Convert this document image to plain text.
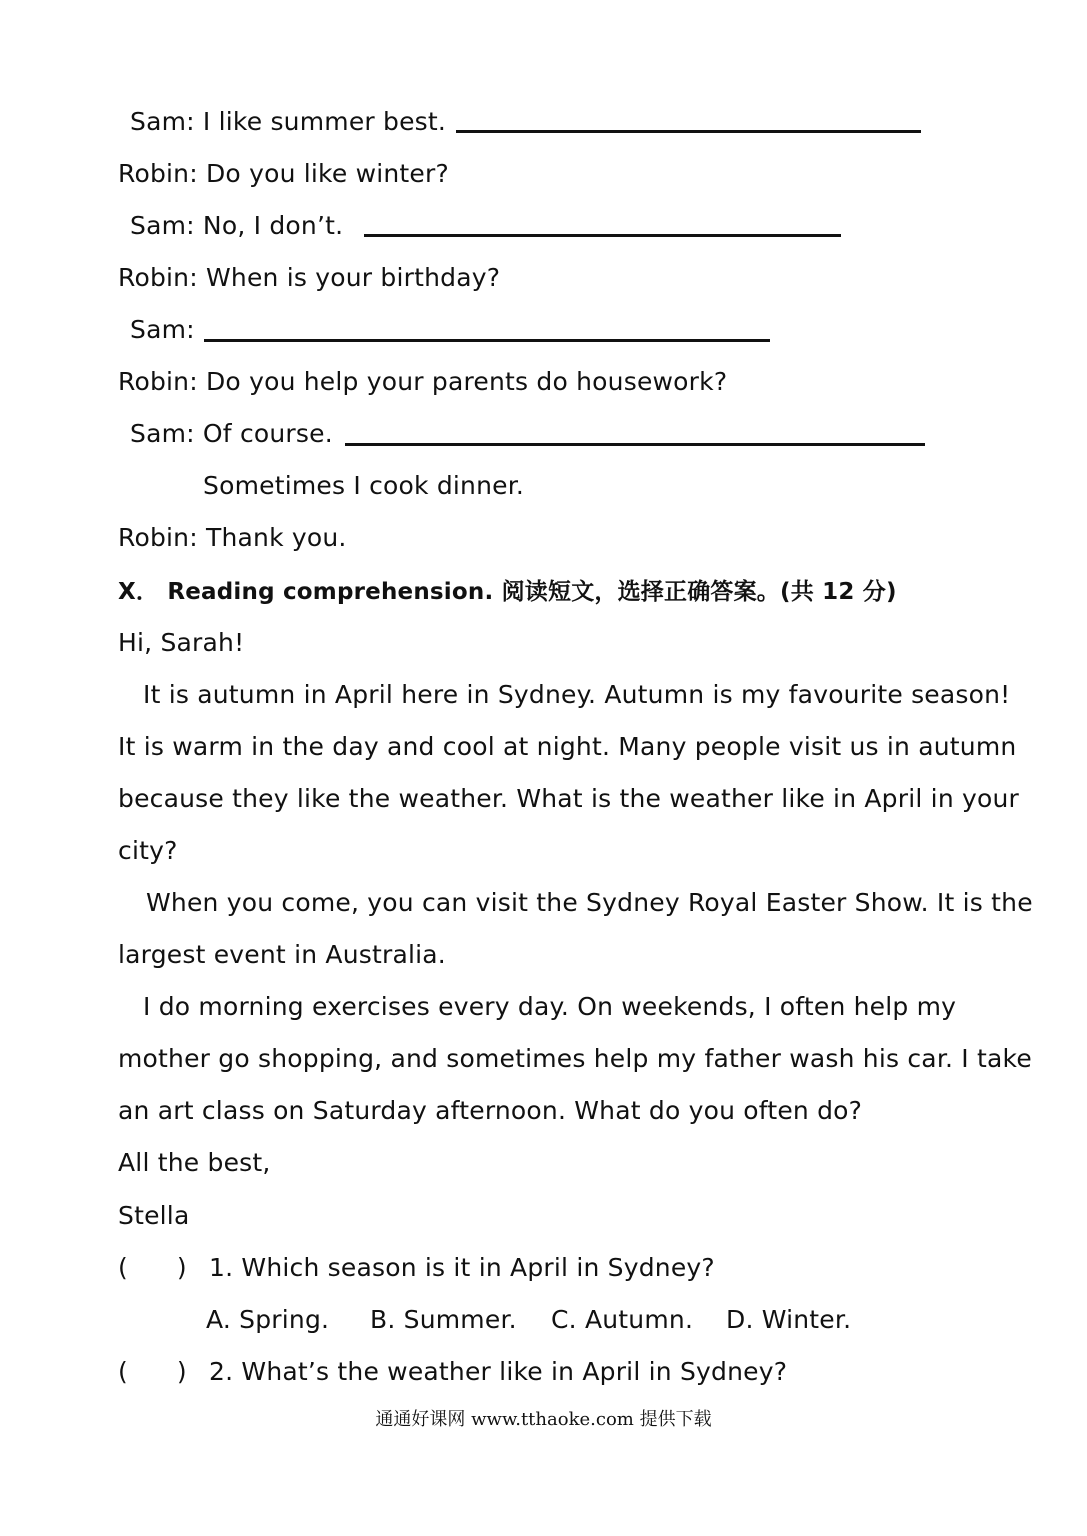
Sam: I like summer best.
Robin: Do you like winter?
Sam: No, I don’t.
Robin: When is your birthday?
Sam:
Robin: Do you help your parents do housework?
Sam: Of course.
Sometimes I cook dinner.
Robin: Thank you.
X． Reading comprehension. 阅读短文，选择正确答案。(共 12 分)
Hi, Sarah!
It is autumn in April here in Sydney. Autumn is my favourite season!
It is warm in the day and cool at night. Many people visit us in autumn
because they like the weather. What is the weather like in April in your
city?
When you come, you can visit the Sydney Royal Easter Show. It is the
largest event in Australia.
I do morning exercises every day. On weekends, I often help my
mother go shopping, and sometimes help my father wash his car. I take
an art class on Saturday afternoon. What do you often do?
All the best,
Stella
(      ) 1. Which season is it in April in Sydney?
A. Spring. B. Summer. C. Autumn. D. Winter.
(      ) 2. What’s the weather like in April in Sydney?
通通好课网 www.tthaoke.com 提供下载
